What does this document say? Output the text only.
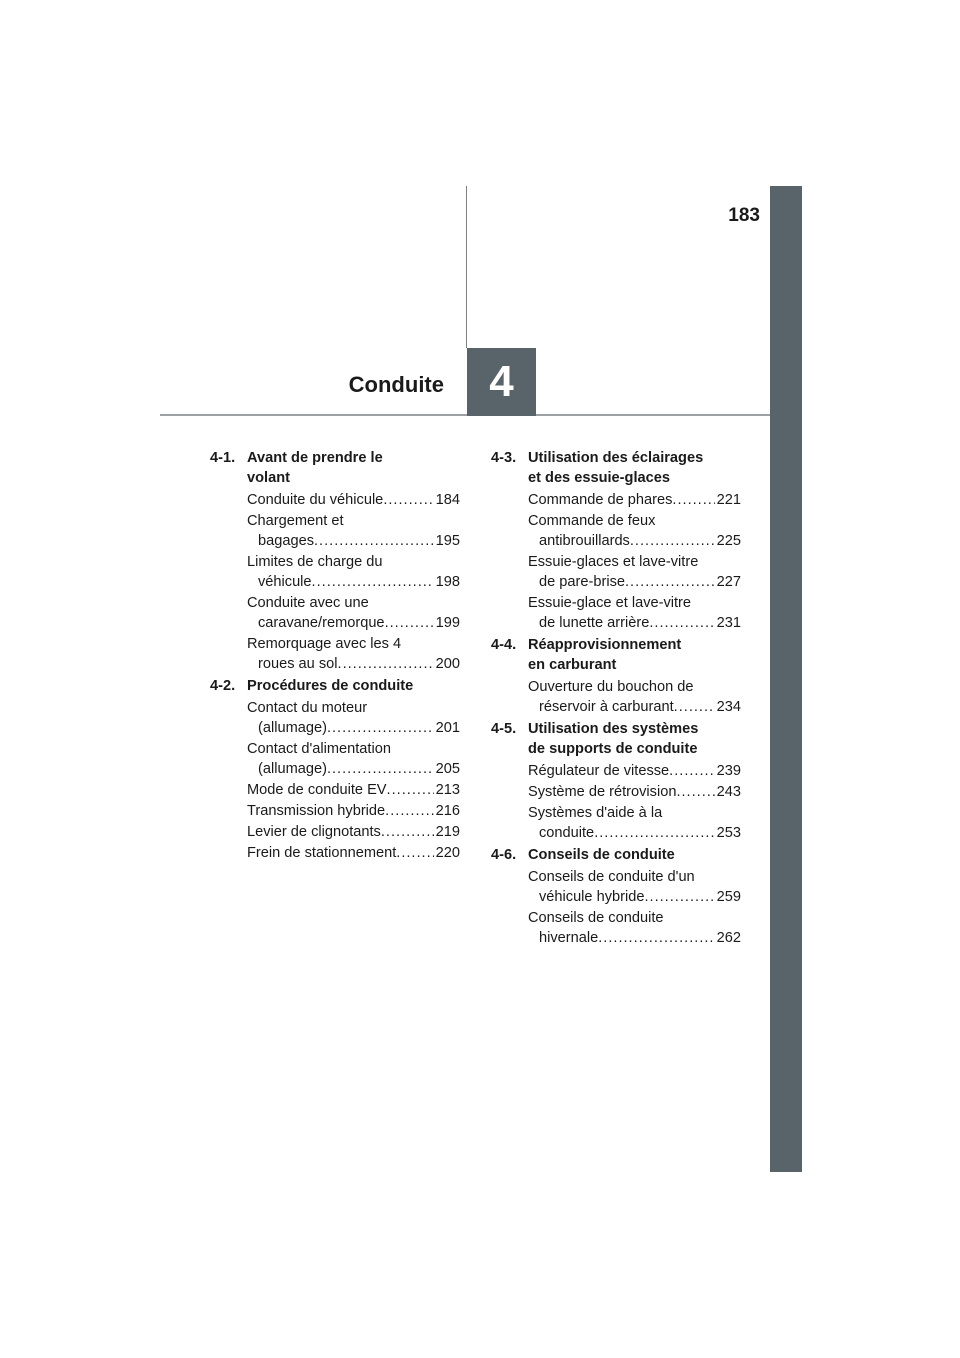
183
Conduite 4
4-1. Avant de prendre le
volant
Conduite du véhicule .....	184
Chargement et
bagages .....	195
Limites de charge du
véhicule .....	198
Conduite avec une
caravane/remorque .....	199
Remorquage avec les 4
roues au sol .....	200
4-2. Procédures de conduite
Contact du moteur
(allumage) .....	201
Contact d'alimentation
(allumage) .....	205
Mode de conduite EV .....	213
Transmission hybride .....	216
Levier de clignotants .....	219
Frein de stationnement .....	220
4-3. Utilisation des éclairages
et des essuie-glaces
Commande de phares .....	221
Commande de feux
antibrouillards .....	225
Essuie-glaces et lave-vitre
de pare-brise .....	227
Essuie-glace et lave-vitre
de lunette arrière .....	231
4-4. Réapprovisionnement
en carburant
Ouverture du bouchon de
réservoir à carburant .....	234
4-5. Utilisation des systèmes
de supports de conduite
Régulateur de vitesse .....	239
Système de rétrovision .....	243
Systèmes d'aide à la
conduite .....	253
4-6. Conseils de conduite
Conseils de conduite d'un
véhicule hybride .....	259
Conseils de conduite
hivernale .....	262
